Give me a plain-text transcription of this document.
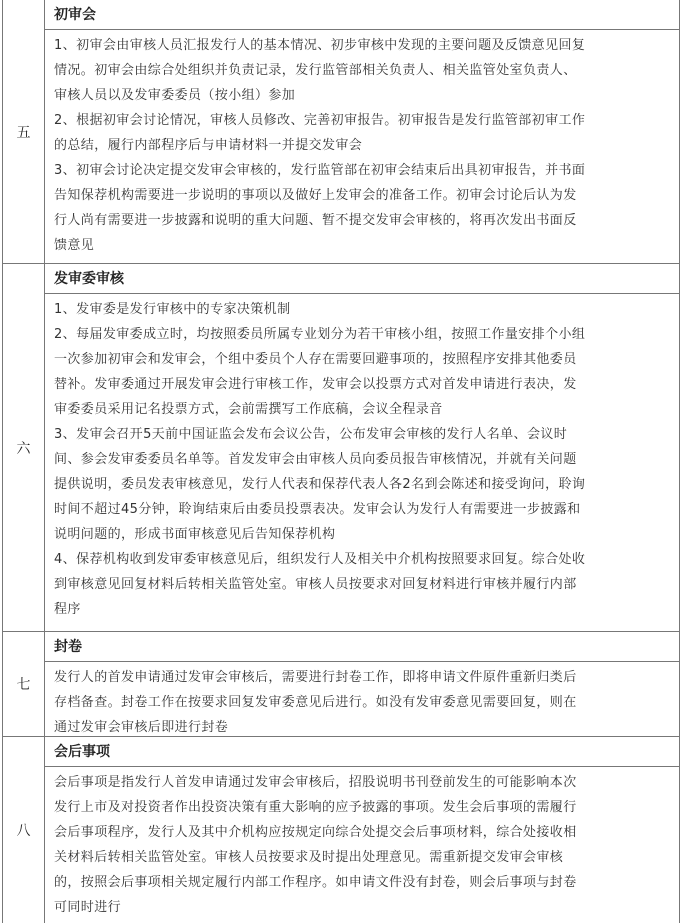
五
初审会
1、初审会由审核人员汇报发行人的基本情况、初步审核中发现的主要问题及反馈意见回复
情况。初审会由综合处组织并负责记录，发行监管部相关负责人、相关监管处室负责人、
审核人员以及发审委委员（按小组）参加
2、根据初审会讨论情况，审核人员修改、完善初审报告。初审报告是发行监管部初审工作
的总结，履行内部程序后与申请材料一并提交发审会
3、初审会讨论决定提交发审会审核的，发行监管部在初审会结束后出具初审报告，并书面
告知保荐机构需要进一步说明的事项以及做好上发审会的准备工作。初审会讨论后认为发
行人尚有需要进一步披露和说明的重大问题、暂不提交发审会审核的，将再次发出书面反
馈意见
六
发审委审核
1、发审委是发行审核中的专家决策机制
2、每届发审委成立时，均按照委员所属专业划分为若干审核小组，按照工作量安排个小组
一次参加初审会和发审会，个组中委员个人存在需要回避事项的，按照程序安排其他委员
替补。发审委通过开展发审会进行审核工作，发审会以投票方式对首发申请进行表决，发
审委委员采用记名投票方式，会前需撰写工作底稿，会议全程录音
3、发审会召开5天前中国证监会发布会议公告，公布发审会审核的发行人名单、会议时
间、参会发审委委员名单等。首发发审会由审核人员向委员报告审核情况，并就有关问题
提供说明，委员发表审核意见，发行人代表和保荐代表人各2名到会陈述和接受询问，聆询
时间不超过45分钟，聆询结束后由委员投票表决。发审会认为发行人有需要进一步披露和
说明问题的，形成书面审核意见后告知保荐机构
4、保荐机构收到发审委审核意见后，组织发行人及相关中介机构按照要求回复。综合处收
到审核意见回复材料后转相关监管处室。审核人员按要求对回复材料进行审核并履行内部
程序
七
封卷
发行人的首发申请通过发审会审核后，需要进行封卷工作，即将申请文件原件重新归类后
存档备查。封卷工作在按要求回复发审委意见后进行。如没有发审委意见需要回复，则在
通过发审会审核后即进行封卷
八
会后事项
会后事项是指发行人首发申请通过发审会审核后，招股说明书刊登前发生的可能影响本次
发行上市及对投资者作出投资决策有重大影响的应予披露的事项。发生会后事项的需履行
会后事项程序，发行人及其中介机构应按规定向综合处提交会后事项材料，综合处接收相
关材料后转相关监管处室。审核人员按要求及时提出处理意见。需重新提交发审会审核
的，按照会后事项相关规定履行内部工作程序。如申请文件没有封卷，则会后事项与封卷
可同时进行
